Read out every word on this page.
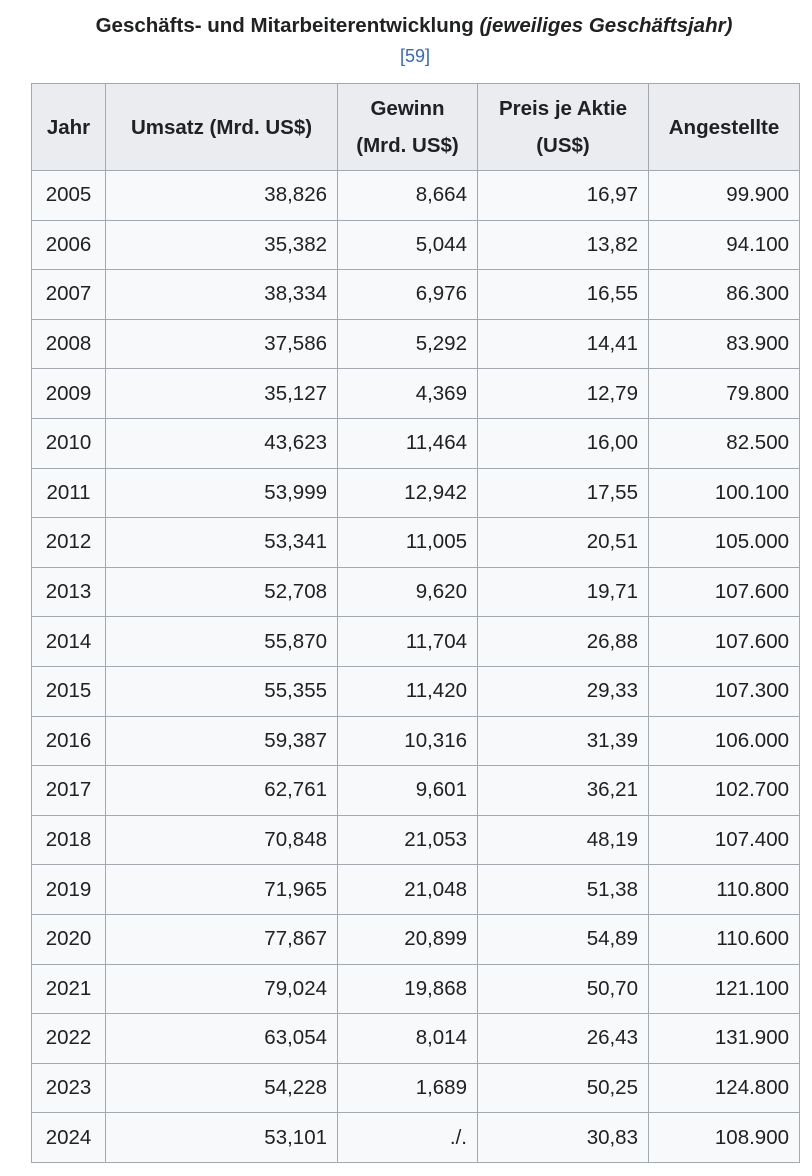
Geschäfts- und Mitarbeiterentwicklung (jeweiliges Geschäftsjahr)
[59]
Jahr	Umsatz (Mrd. US$)	Gewinn (Mrd. US$)	Preis je Aktie (US$)	Angestellte
2005	38,826	8,664	16,97	99.900
2006	35,382	5,044	13,82	94.100
2007	38,334	6,976	16,55	86.300
2008	37,586	5,292	14,41	83.900
2009	35,127	4,369	12,79	79.800
2010	43,623	11,464	16,00	82.500
2011	53,999	12,942	17,55	100.100
2012	53,341	11,005	20,51	105.000
2013	52,708	9,620	19,71	107.600
2014	55,870	11,704	26,88	107.600
2015	55,355	11,420	29,33	107.300
2016	59,387	10,316	31,39	106.000
2017	62,761	9,601	36,21	102.700
2018	70,848	21,053	48,19	107.400
2019	71,965	21,048	51,38	110.800
2020	77,867	20,899	54,89	110.600
2021	79,024	19,868	50,70	121.100
2022	63,054	8,014	26,43	131.900
2023	54,228	1,689	50,25	124.800
2024	53,101	./.	30,83	108.900
